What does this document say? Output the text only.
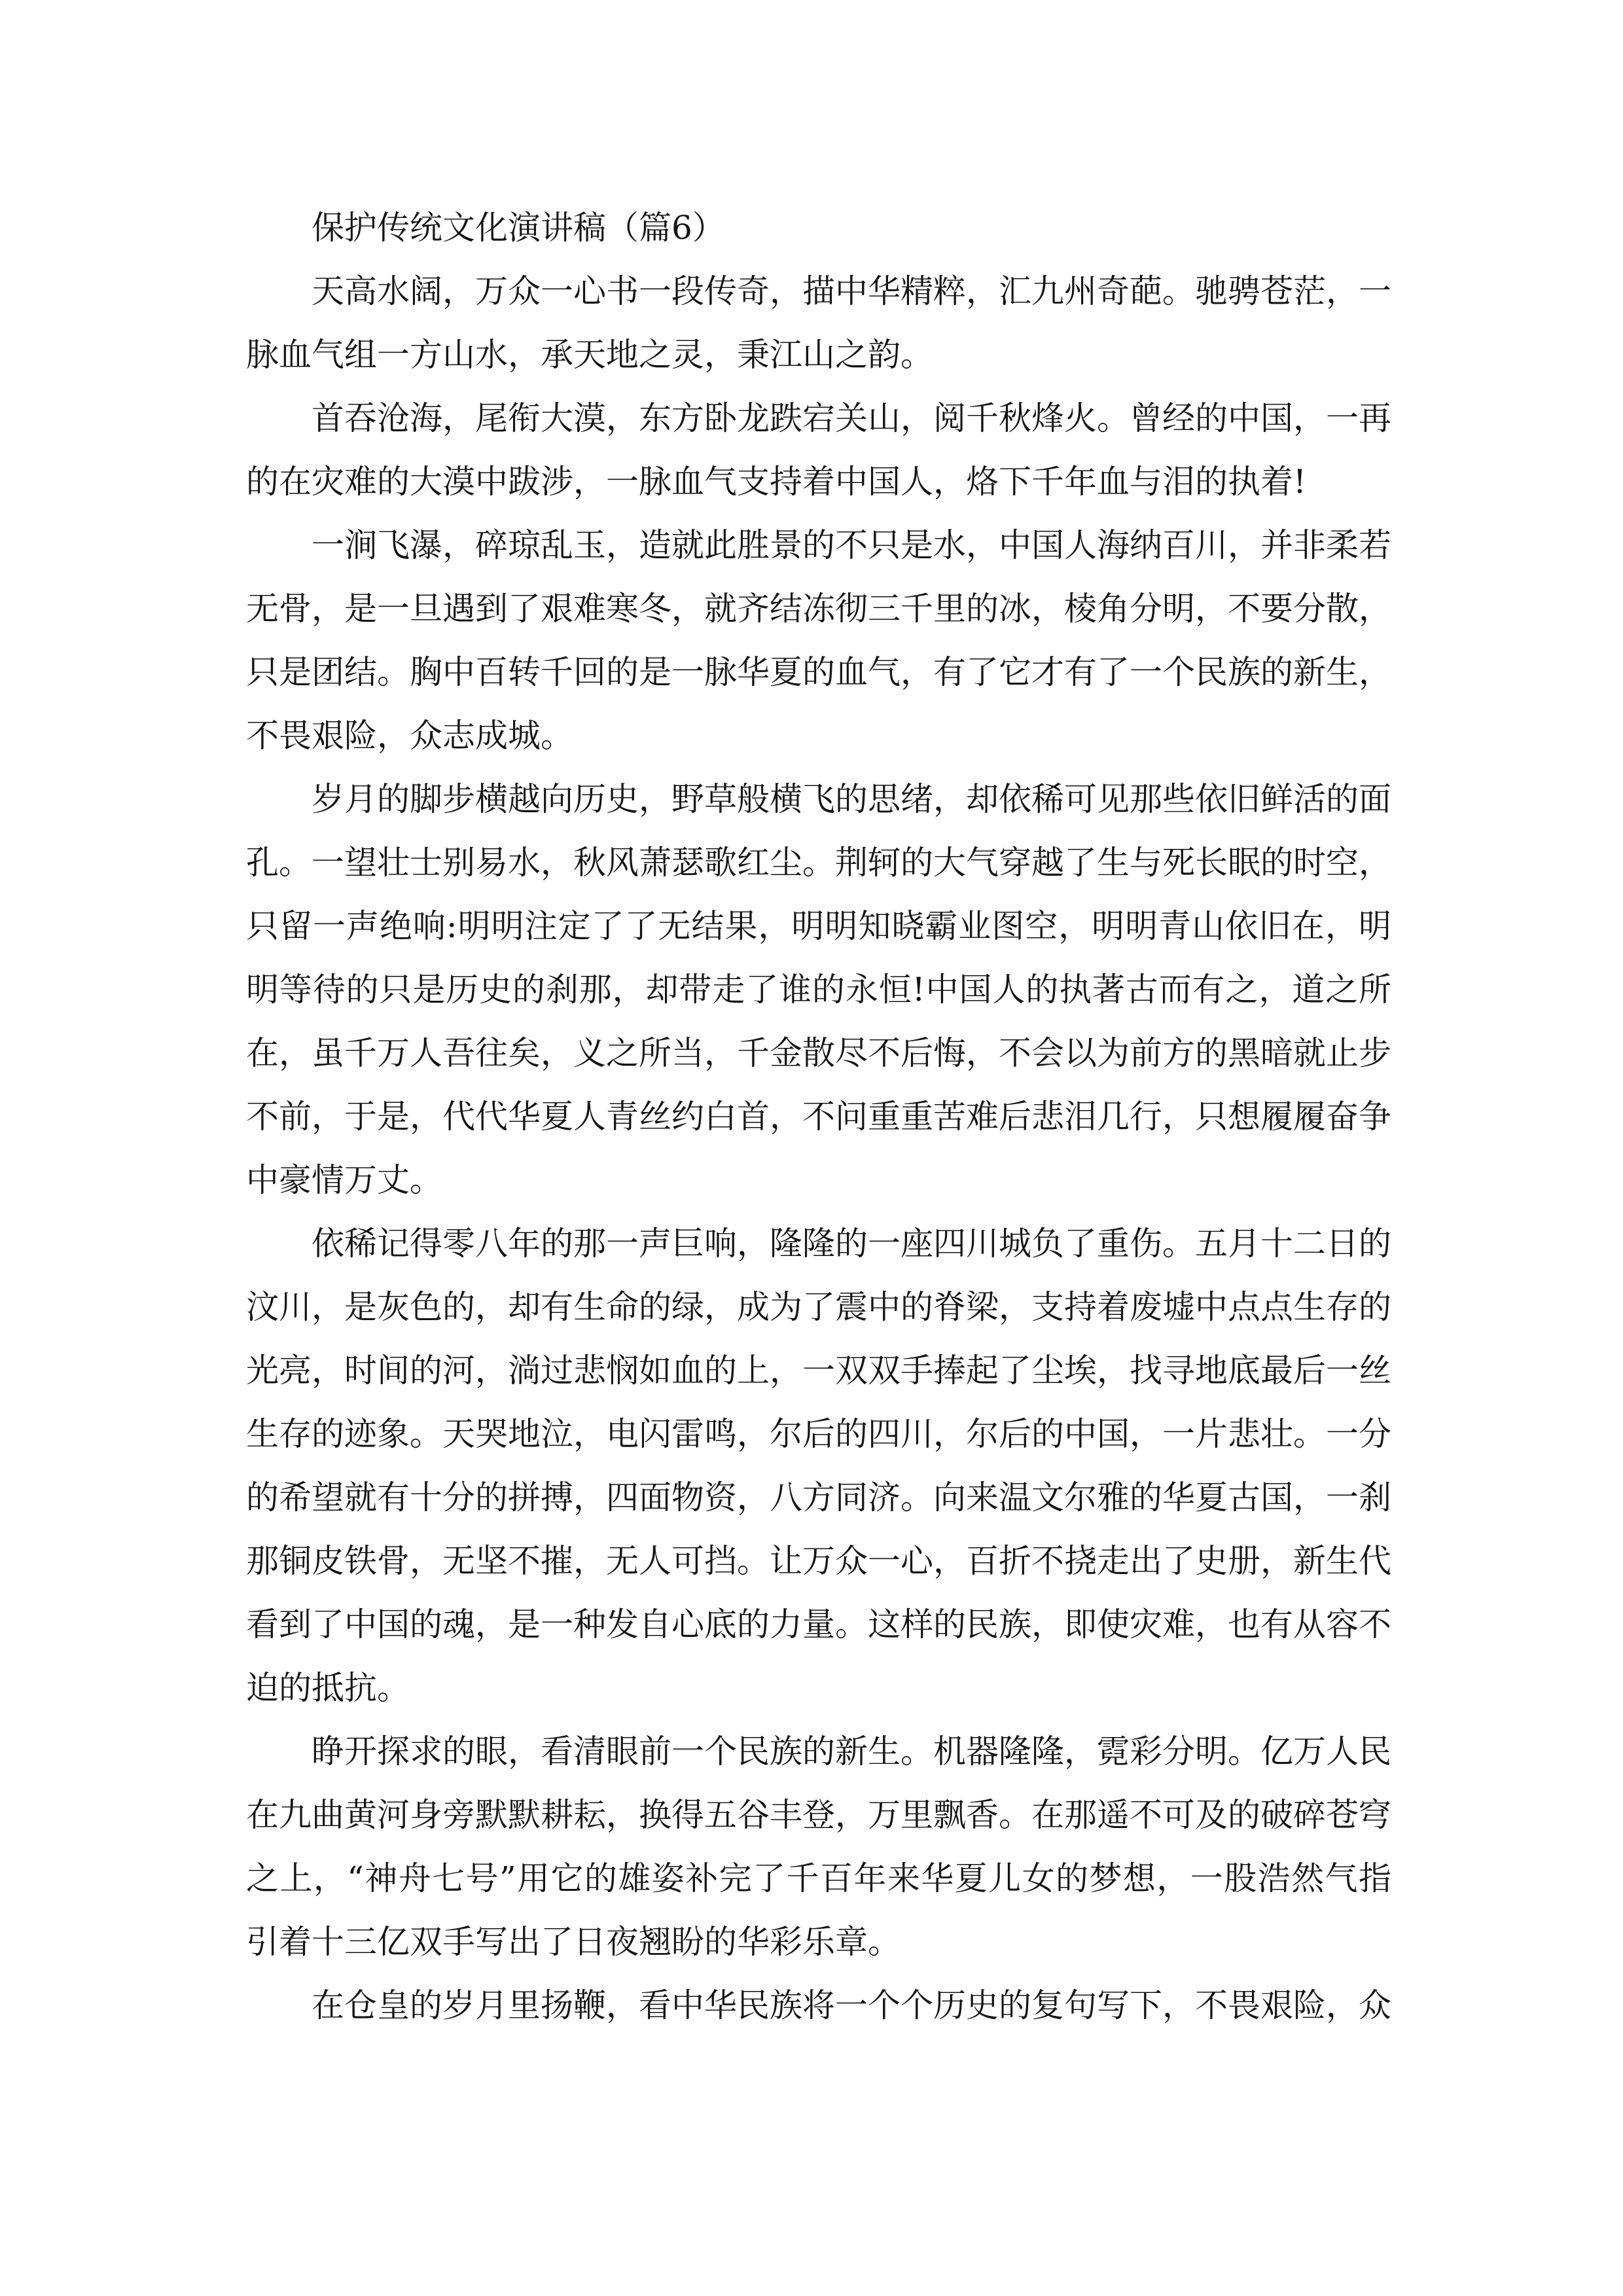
保护传统文化演讲稿（篇6）

天高水阔，万众一心书一段传奇，描中华精粹，汇九州奇葩。驰骋苍茫，一脉血气组一方山水，承天地之灵，秉江山之韵。

首吞沧海，尾衔大漠，东方卧龙跌宕关山，阅千秋烽火。曾经的中国，一再的在灾难的大漠中跋涉，一脉血气支持着中国人，烙下千年血与泪的执着!

一涧飞瀑，碎琼乱玉，造就此胜景的不只是水，中国人海纳百川，并非柔若无骨，是一旦遇到了艰难寒冬，就齐结冻彻三千里的冰，棱角分明，不要分散，只是团结。胸中百转千回的是一脉华夏的血气，有了它才有了一个民族的新生，不畏艰险，众志成城。

岁月的脚步横越向历史，野草般横飞的思绪，却依稀可见那些依旧鲜活的面孔。一望壮士别易水，秋风萧瑟歌红尘。荆轲的大气穿越了生与死长眠的时空，只留一声绝响:明明注定了了无结果，明明知晓霸业图空，明明青山依旧在，明明等待的只是历史的刹那，却带走了谁的永恒!中国人的执著古而有之，道之所在，虽千万人吾往矣，义之所当，千金散尽不后悔，不会以为前方的黑暗就止步不前，于是，代代华夏人青丝约白首，不问重重苦难后悲泪几行，只想履履奋争中豪情万丈。

依稀记得零八年的那一声巨响，隆隆的一座四川城负了重伤。五月十二日的汶川，是灰色的，却有生命的绿，成为了震中的脊梁，支持着废墟中点点生存的光亮，时间的河，淌过悲悯如血的上，一双双手捧起了尘埃，找寻地底最后一丝生存的迹象。天哭地泣，电闪雷鸣，尔后的四川，尔后的中国，一片悲壮。一分的希望就有十分的拼搏，四面物资，八方同济。向来温文尔雅的华夏古国，一刹那铜皮铁骨，无坚不摧，无人可挡。让万众一心，百折不挠走出了史册，新生代看到了中国的魂，是一种发自心底的力量。这样的民族，即使灾难，也有从容不迫的抵抗。

睁开探求的眼，看清眼前一个民族的新生。机器隆隆，霓彩分明。亿万人民在九曲黄河身旁默默耕耘，换得五谷丰登，万里飘香。在那遥不可及的破碎苍穹之上，“神舟七号”用它的雄姿补完了千百年来华夏儿女的梦想，一股浩然气指引着十三亿双手写出了日夜翘盼的华彩乐章。

在仓皇的岁月里扬鞭，看中华民族将一个个历史的复句写下，不畏艰险，众
